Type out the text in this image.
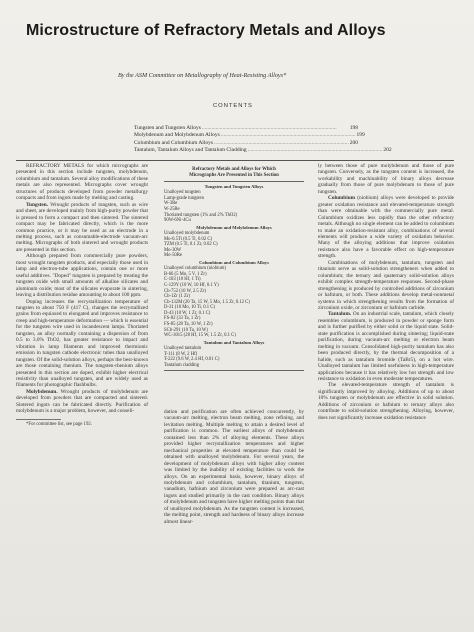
Microstructure of Refractory Metals and Alloys
By the ASM Committee on Metallography of Heat-Resisting Alloys*
CONTENTS
Tungsten and Tungsten Alloys ..................................................................................................	198
Molybdenum and Molybdenum Alloys .................................................................................................. 199
Columbium and Columbium Alloys .................................................................................................. 200
Tantalum, Tantalum Alloys and Tantalum Cladding .................................................................................................. 202

REFRACTORY METALS for which micrographs are presented in this section include tungsten, molybdenum, columbium and tantalum. Several alloy modifications of these metals are also represented. Micrographs cover wrought structures of products developed from powder metallurgy compacts and from ingots made by melting and casting.

Tungsten. Wrought products of tungsten, such as wire and sheet, are developed mainly from high-purity powder that is pressed to form a compact and then sintered. The sintered compact may be fabricated directly, which is the more common practice, or it may be used as an electrode in a melting process, such as consumable-electrode vacuum-arc melting. Micrographs of both sintered and wrought products are presented in this section.

Although prepared from commercially pure powders, most wrought tungsten products, and especially those used in lamp and electron-tube applications, contain one or more useful additives. "Doped" tungsten is prepared by treating the tungsten oxide with small amounts of alkaline silicates and aluminum oxide; most of the silicates evaporate in sintering, leaving a distribution residue amounting to about 100 ppm.

Doping increases the recrystallization temperature of tungsten to about 750 F (417 C), changes the recrystallized grains from equiaxed to elongated and improves resistance to creep and high-temperature deformation — which is essential for the tungsten wire used in incandescent lamps. Thoriated tungsten, an alloy normally containing a dispersion of from 0.5 to 3.0% ThO2, has greater resistance to impact and vibration in lamp filaments and improved thermionic emission in tungsten cathode electronic tubes than unalloyed tungsten. Of the solid-solution alloys, perhaps the best-known are those containing rhenium. The tungsten-rhenium alloys presented in this section are doped, exhibit higher electrical resistivity than unalloyed tungsten, and are widely used as filaments for photographic flashbulbs.

Molybdenum. Wrought products of molybdenum are developed from powders that are compacted and sintered. Sintered ingots can be fabricated directly. Purification of molybdenum is a major problem, however, and conseli-

*For committee list, see page 192.

Refractory Metals and Alloys for Which
Micrographs Are Presented in This Section
Tungsten and Tungsten Alloys
Unalloyed tungsten
Lamp-grade tungsten
W-3Re
W-25Re
Thoriated tungsten (1% and 2% ThO2)
90W-6Ni-4Cu
Molybdenum and Molybdenum Alloys
Unalloyed molybdenum
Mo-0.5Ti (0.5 Ti, 0.02 C)
TZM (0.5 Ti, 0.1 Zr, 0.02 C)
Mo-30W
Mo-50Re
Columbium and Columbium Alloys
Unalloyed columbium (niobium)
B-66 (5 Mo, 5 V, 1 Zr)
C-103 (10 Hf, 1 Ti)
C-129Y (10 W, 10 Hf, 0.1 Y)
Cb-752 (10 W, 2.5 Zr)
Cb-1Zr (1 Zr)
Cb-132M (20 Ta, 15 W, 5 Mo, 1.5 Zr, 0.12 C)
D-31 (10 Mo, 10 Ti, 0.1 C)
D-43 (10 W, 1 Zr, 0.1 C)
FS-82 (33 Ta, 1 Zr)
FS-85 (28 Ta, 10 W, 1 Zr)
SCb-291 (10 Ta, 10 W)
WC-3015 (28 Hf, 15 W, 1.5 Zr, 0.1 C)
Tantalum and Tantalum Alloys
Unalloyed tantalum
T-111 (8 W, 2 Hf)
T-222 (9.6 W, 2.4 Hf, 0.01 C)
Tantalum cladding

dation and purification are often achieved concurrently, by vacuum-arc melting, electron beam melting, zone refining, and levitation melting. Multiple melting to attain a desired level of purification is common. The earliest alloys of molybdenum contained less than 2% of alloying elements. These alloys provided higher recrystallization temperatures and higher mechanical properties at elevated temperature than could be obtained with unalloyed molybdenum. For several years, the development of molybdenum alloys with higher alloy content was limited by the inability of existing facilities to work the alloys. On an experimental basis, however, binary alloys of molybdenum and columbium, tantalum, titanium, tungsten, vanadium, hafnium and zirconium were prepared as arc-cast ingots and studied primarily in the cast condition. Binary alloys of molybdenum and tungsten have higher melting points than that of unalloyed molybdenum. As the tungsten content is increased, the melting point, strength and hardness of binary alloys increase almost linear-

ly between those of pure molybdenum and those of pure tungsten. Conversely, as the tungsten content is increased, the workability and machinability of binary alloys decrease gradually from those of pure molybdenum to those of pure tungsten.

Columbium (niobium) alloys were developed to provide greater oxidation resistance and elevated-temperature strength than were obtainable with the commercially pure metal. Columbium oxidizes less rapidly than the other refractory metals. Although no single element can be added to columbium to make an oxidation-resistant alloy, combinations of several elements will produce a wide variety of oxidation behavior. Many of the alloying additions that improve oxidation resistance also have a favorable effect on high-temperature strength.

Combinations of molybdenum, tantalum, tungsten and titanium serve as solid-solution strengtheners when added to columbium; the ternary and quaternary solid-solution alloys exhibit complex strength-temperature responses. Second-phase strengthening is produced by controlled additions of zirconium or hafnium, or both. These additions develop metal-nonmetal systems in which strengthening results from the formation of zirconium oxide, or zirconium or hafnium carbide.

Tantalum. On an industrial scale, tantalum, which closely resembles columbium, is produced in powder or sponge form and is further purified by either solid or the liquid state. Solid-state purification is accomplished during sintering; liquid-state purification, during vacuum-arc melting or electron beam melting in vacuum. Consolidated high-purity tantalum has also been produced directly, by the thermal decomposition of a halide, such as tantalum bromide (TaBr5), on a hot wire. Unalloyed tantalum has limited usefulness in high-temperature applications because it has relatively low hot strength and low resistance to oxidation in even moderate temperatures.

The elevated-temperature strength of tantalum is significantly improved by alloying. Additions of up to about 10% tungsten or molybdenum are effective in solid solution. Additions of zirconium or hafnium to ternary alloys also contribute to solid-solution strengthening. Alloying, however, does not significantly increase oxidation resistance
